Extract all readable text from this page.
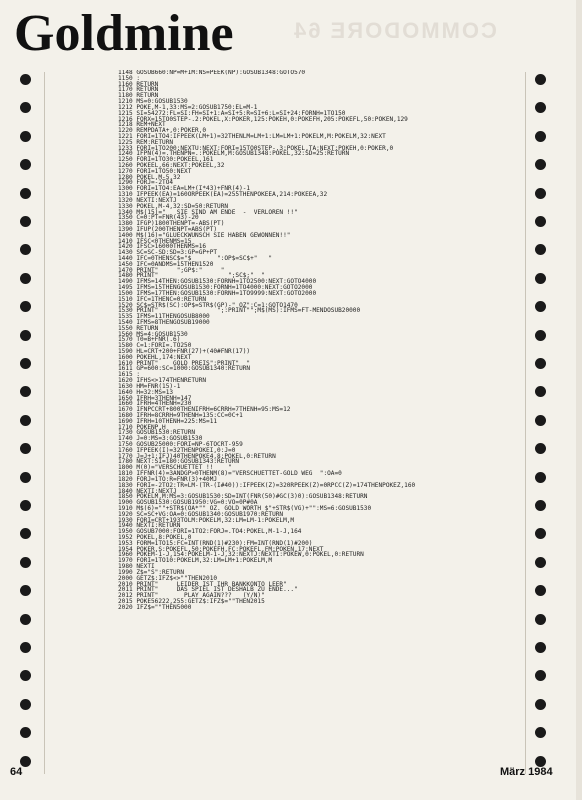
COMMODORE 64
Goldmine
1148 GOSUB660:NP=M+IM:NS=PEEK(NP):GOSUB1348:GOTO570
1150 :
1160 RETURN
1170 RETURN
1180 RETURN
1210 MS=0:GOSUB1530
1212 POKE,M-1,33:MS=2:GOSUB1750:EL=M-1
1215 SI=54272:FL=SI:FH=SI+1:A=SI+5:R=SI+6:L=SI+24:FORNH=1TO150
1216 FORX=15TO0STEP-.2:POKEL,X:POKER,125:POKEH,0:POKEFH,205:POKEFL,50:POKEN,129
1218 REM+NEXT
1220 REMPDATA+,0:POKER,0
1221 FORI=1TO4:IFPEEK(LM+1)=32THENLM=LM+1:LM=LM+1:POKELM,M:POKELM,32:NEXT
1225 REM:RETURN
1233 FORI=1TO200:NEXTU:NEXT:FORI=15TO0STEP-.3:POKEL,TA:NEXT:POKEH,0:POKER,0
1240 IFPN(4)=.THENPN=.:POKELM,M:GOSUB1348:POKEL,32:SD=25:RETURN
1250 FORI=1TO30:POKEEL,161
1260 POKEEL,66:NEXT:POKEEL,32
1270 FORI=1TO50:NEXT
1280 POKEL,M-5,32
1290 FORJ=-2TO4
1300 FORI=1TO4:EA=LM+(I*43)+FNR(4)-1
1310 IFPEEK(EA)=160ORPEEK(EA)=255THENPOKEEA,214:POKEEA,32
1320 NEXTI:NEXTJ
1330 POKEL,M-4,32:SD=50:RETURN
1340 M$(15)="   SIE SIND AM ENDE  -  VERLOREN !!"
1350 C=0:PT=FNR(43)-20
1380 IFGP)1800THENPT=-ABS(PT)
1390 IFUP(200THENPT=ABS(PT)
1400 M$(16)="GLUECKWUNSCH SIE HABEN GEWONNEN!!"
1410 IFSC<0THENMS=15
1420 IFSC>16000THENMS=16
1430 SC=SC-SD:SD=3:GP=GP+PT
1440 IFC=0THENSC$="$       ":OP$=SC$+"   "
1450 IFC=0ANDMS=15THEN1520
1470 PRINT"     ";GP$:"     "
1480 PRINT"                   ";SC$;"  "
1490 IFMS=14THEN:GOSUB1530:FORNH=1TO2500:NEXT:GOTO4000
1495 IFMS=15THENGOSUB1530:FORNH=1TO4000:NEXT:GOTO2000
1500 IFMS=17THEN:GOSUB1530:FORNH=1TO9999:NEXT:GOTO2000
1510 IFC=1THENC=0:RETURN
1520 SC$=STR$(SC):OP$=STR$(GP)-" OZ":C=1:GOTO1470
1530 PRINT"                ";:PRINT"";M$(MS):IFMS=FT-MENDOSUB20000
1535 IFMS=11THENGOSUB8000
1540 IFMS=8THENGOSUB19000
1550 RETURN
1560 MS=4:GOSUB1530
1570 T0=B+FNR(.6)
1580 C=1:FORI=.TO250
1590 HL=CRT+200+FNR(27)+(40#FNR(17))
1600 POKEHL,174:NEXT
1610 PRINT"    GOLD PREIS":PRINT"  "
1611 GP=600:SC=1000:GOSUB1340:RETURN
1615 :
1620 IFHS<>174THENRETURN
1630 HM=FNR(15)-1
1640 H=32:MS=13
1650 IFRH=3THENH=147
1660 IFRH=4THENH=230
1670 IFNPCCRT+800THENIFRH=6CRRH=7THENH=95:MS=12
1680 IFRH=8CRRH=9THENH=135:CC=0C+1
1690 IFRH=10THENH=225:MS=11
1710 POKENP,H
1730 GOSUB1530:RETURN
1740 J=0:MS=3:GOSUB1530
1750 GOSUB25000:FORI=NP-6TOCRT-959
1760 IFPEEK(I)=32THENPOKEI,0:J=0
1770 J=J+1:IFJ)40THENPOKE4,8:POKEL,0:RETURN
1780 NEXT:SI=180:GOSUB1343:RETURN
1800 M(0)="VERSCHUETTET !!    "
1810 IFFNR(4)=3ANDGP>0THENM(8)="VERSCHUETTET-GOLD WEG  ":OA=0
1820 FORJ=1TO:R=FNR(3)+40MJ
1830 FORI=-2TO2:TR=LM-(TR-(I#40)):IFPEEK(Z)=320RPEEK(Z)=0RPCC(Z)=174THENPOKEZ,160
1840 NEXTI:NEXTJ
1850 POKELM,M:MS=3:GOSUB1530:SD=INT(FNR(50)#GC(3)0):GOSUB1348:RETURN
1900 GOSUB1530:GOSUB1950:VG=0:VO=0P#0A
1910 M$(6)=""+STR$(OA*"" OZ. GOLD WORTH $"+STR$(VG)+"":MS=6:GOSUB1530
1920 SC=SC+VG:OA=0:GOSUB1340:GOSUB1970:RETURN
1930 FORI=CRT+193TOLM:POKELM,32:LM=LM-1:POKELM,M
1940 NEXTI:RETURN
1950 GOSUB7000:FORI=1TO2:FORJ=.TO4:POKEL,M-1-J,164
1952 POKEL,8:POKEL,0
1953 FORM=1TO15:FC=INT(RND(1)#230):FM=INT(RND(1)#200)
1954 POKER,S:POKEFL,50:POKEFH,FC:POKEFL,FM:POKEN,17:NEXT
1960 POKEM-1-J,154:POKELM-1-J,32:NEXTJ:NEXTI:POKEW,0:POKEL,0:RETURN
1970 FORI=1TO10:POKELM,32:LM=LM+1:POKELM,M
1980 NEXTI
1990 Z$="S":RETURN
2000 GETZ$:IFZ$<>""THEN2010
2010 PRINT"     LEIDER IST IHR BANKKONTO LEER"
2011 PRINT"     DAS SPIEL IST DESHALB ZU ENDE..."
2012 PRINT"       PLAY AGAIN???   (Y/N)"
2015 POKE56222,255:GETZ$:IFZ$=""THEN2015
2020 IFZ$=""THEN5000
64	März 1984
